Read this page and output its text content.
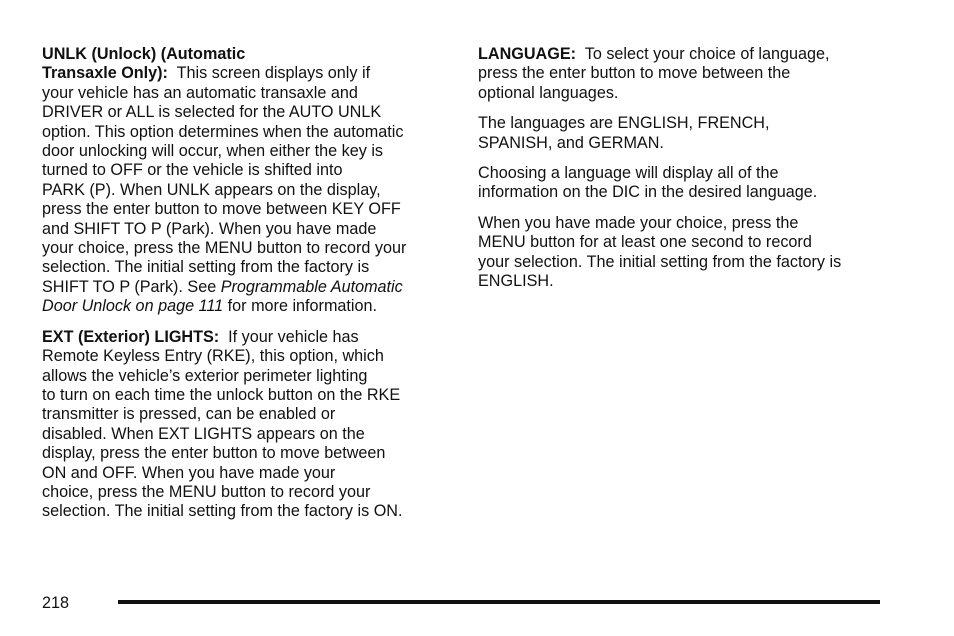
UNLK (Unlock) (Automatic
Transaxle Only):  This screen displays only if
your vehicle has an automatic transaxle and
DRIVER or ALL is selected for the AUTO UNLK
option. This option determines when the automatic
door unlocking will occur, when either the key is
turned to OFF or the vehicle is shifted into
PARK (P). When UNLK appears on the display,
press the enter button to move between KEY OFF
and SHIFT TO P (Park). When you have made
your choice, press the MENU button to record your
selection. The initial setting from the factory is
SHIFT TO P (Park). See Programmable Automatic
Door Unlock on page 111 for more information.
EXT (Exterior) LIGHTS:  If your vehicle has
Remote Keyless Entry (RKE), this option, which
allows the vehicle’s exterior perimeter lighting
to turn on each time the unlock button on the RKE
transmitter is pressed, can be enabled or
disabled. When EXT LIGHTS appears on the
display, press the enter button to move between
ON and OFF. When you have made your
choice, press the MENU button to record your
selection. The initial setting from the factory is ON.
LANGUAGE:  To select your choice of language,
press the enter button to move between the
optional languages.
The languages are ENGLISH, FRENCH,
SPANISH, and GERMAN.
Choosing a language will display all of the
information on the DIC in the desired language.
When you have made your choice, press the
MENU button for at least one second to record
your selection. The initial setting from the factory is
ENGLISH.
218
